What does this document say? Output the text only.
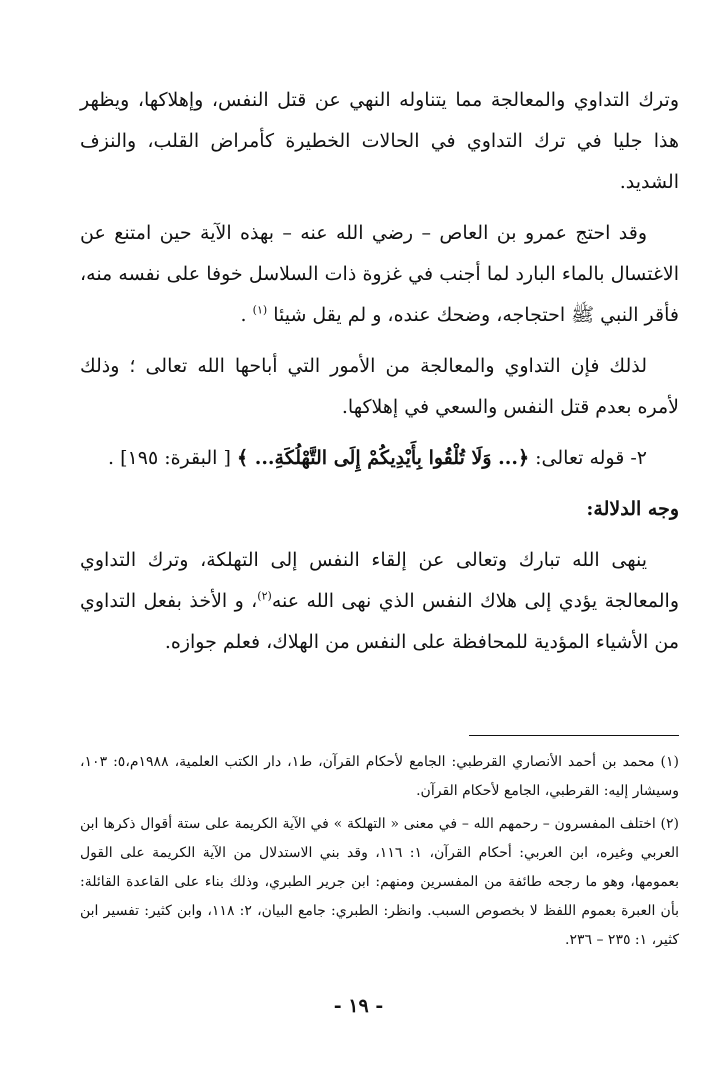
وترك التداوي والمعالجة مما يتناوله النهي عن قتل النفس، وإهلاكها، ويظهر هذا جليا في ترك التداوي في الحالات الخطيرة كأمراض القلب، والنزف الشديد.

وقد احتج عمرو بن العاص – رضي الله عنه – بهذه الآية حين امتنع عن الاغتسال بالماء البارد لما أجنب في غزوة ذات السلاسل خوفا على نفسه منه، فأقر النبي ﷺ احتجاجه، وضحك عنده، و لم يقل شيئا $^{(١)}$ .

لذلك فإن التداوي والمعالجة من الأمور التي أباحها الله تعالى ؛ وذلك لأمره بعدم قتل النفس والسعي في إهلاكها.

٢- قوله تعالى: ﴿... وَلَا تُلْقُوا بِأَيْدِيكُمْ إِلَى التَّهْلُكَةِ... ﴾ [ البقرة: ١٩٥] .

وجه الدلالة:

ينهى الله تبارك وتعالى عن إلقاء النفس إلى التهلكة، وترك التداوي والمعالجة يؤدي إلى هلاك النفس الذي نهى الله عنه$^{(٢)}$، و الأخذ بفعل التداوي من الأشياء المؤدية للمحافظة على النفس من الهلاك، فعلم جوازه.

(١) محمد بن أحمد الأنصاري القرطبي: الجامع لأحكام القرآن، ط١، دار الكتب العلمية، ١٩٨٨م،٥: ١٠٣، وسيشار إليه: القرطبي، الجامع لأحكام القرآن.

(٢) اختلف المفسرون – رحمهم الله – في معنى « التهلكة » في الآية الكريمة على ستة أقوال ذكرها ابن العربي وغيره، ابن العربي: أحكام القرآن، ١: ١١٦، وقد بني الاستدلال من الآية الكريمة على القول بعمومها، وهو ما رجحه طائفة من المفسرين ومنهم: ابن جرير الطبري، وذلك بناء على القاعدة القائلة: بأن العبرة بعموم اللفظ لا بخصوص السبب. وانظر: الطبري: جامع البيان، ٢: ١١٨، وابن كثير: تفسير ابن كثير، ١: ٢٣٥ – ٢٣٦.

- ١٩ -
